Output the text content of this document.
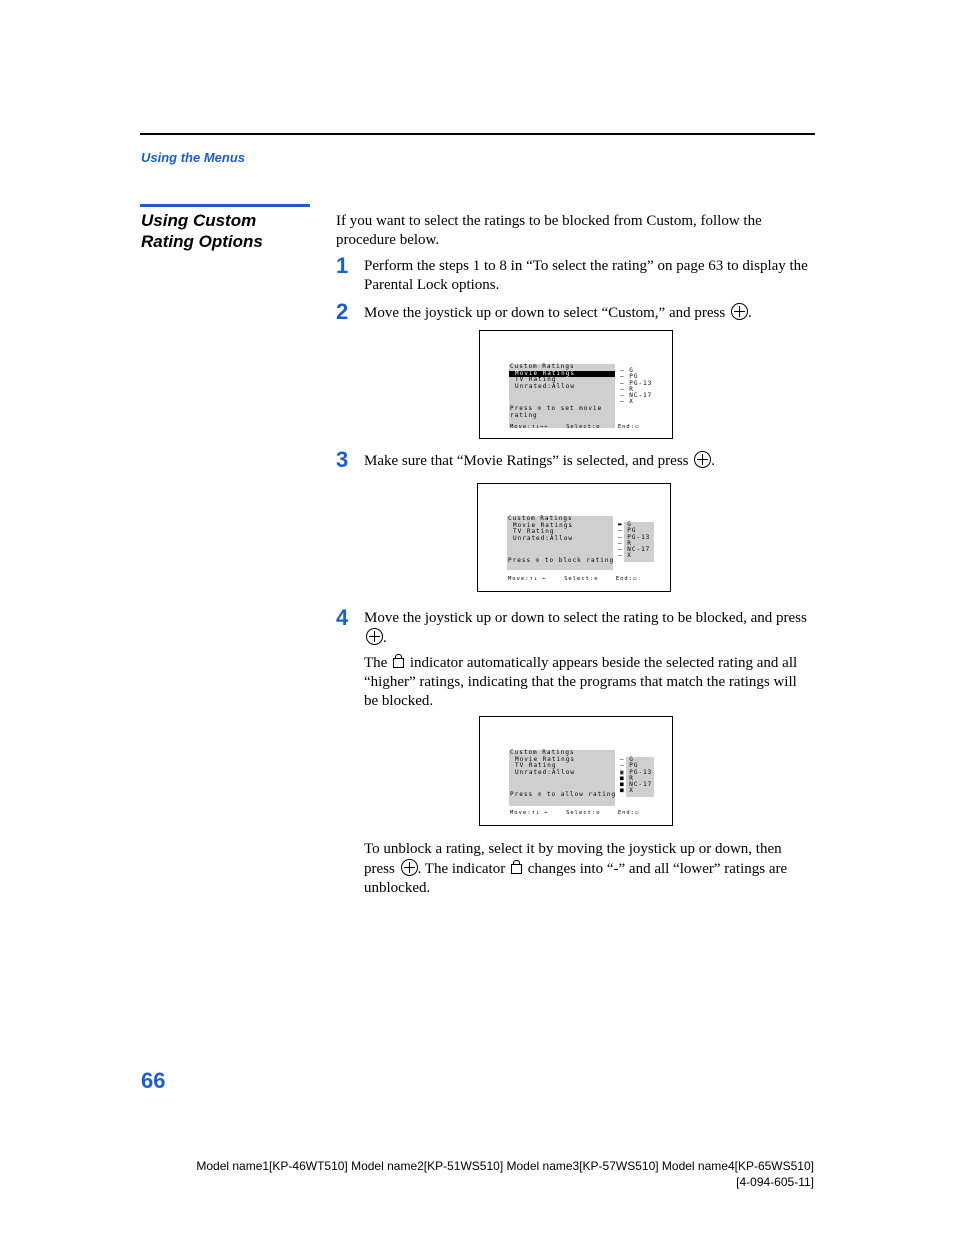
Using the Menus
Using Custom Rating Options
If you want to select the ratings to be blocked from Custom, follow the procedure below.
1 Perform the steps 1 to 8 in “To select the rating” on page 63 to display the Parental Lock options.
2 Move the joystick up or down to select “Custom,” and press .
Custom Ratings
Movie Ratings
TV Rating
Unrated:Allow
Press ⊙ to set movie
rating
– G
– PG
– PG-13
– R
– NC-17
– X
Move:↑↓→←	Select:⊙	End:▭
3 Make sure that “Movie Ratings” is selected, and press .
Custom Ratings
Movie Ratings
TV Rating
Unrated:Allow
Press ⊙ to block rating
▬ G
– PG
– PG-13
– R
– NC-17
– X
Move:↑↓ ←	Select:⊙	End:▭
4 Move the joystick up or down to select the rating to be blocked, and press .
The indicator automatically appears beside the selected rating and all “higher” ratings, indicating that the programs that match the ratings will be blocked.
Custom Ratings
Movie Ratings
TV Rating
Unrated:Allow
Press ⊙ to allow rating
– G
– PG
▣ PG-13
■ R
■ NC-17
■ X
Move:↑↓ ←	Select:⊙	End:▭
To unblock a rating, select it by moving the joystick up or down, then press . The indicator changes into “-” and all “lower” ratings are unblocked.
66
Model name1[KP-46WT510] Model name2[KP-51WS510] Model name3[KP-57WS510] Model name4[KP-65WS510]
[4-094-605-11]
